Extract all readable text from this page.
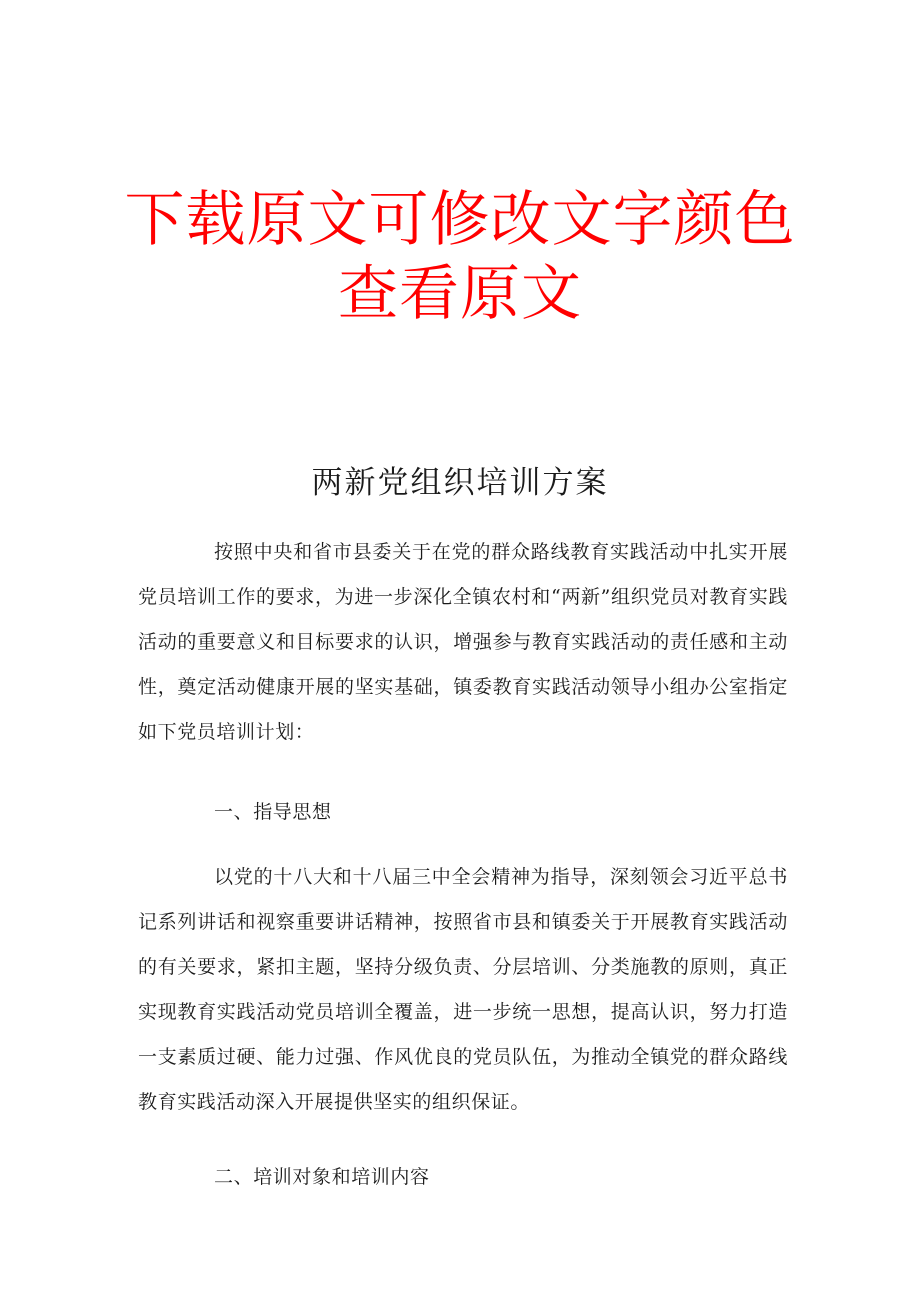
下载原文可修改文字颜色
查看原文
两新党组织培训方案

按照中央和省市县委关于在党的群众路线教育实践活动中扎实开展党员培训工作的要求，为进一步深化全镇农村和“两新”组织党员对教育实践活动的重要意义和目标要求的认识，增强参与教育实践活动的责任感和主动性，奠定活动健康开展的坚实基础，镇委教育实践活动领导小组办公室指定如下党员培训计划：

一、指导思想

以党的十八大和十八届三中全会精神为指导，深刻领会习近平总书记系列讲话和视察重要讲话精神，按照省市县和镇委关于开展教育实践活动的有关要求，紧扣主题，坚持分级负责、分层培训、分类施教的原则，真正实现教育实践活动党员培训全覆盖，进一步统一思想，提高认识，努力打造一支素质过硬、能力过强、作风优良的党员队伍，为推动全镇党的群众路线教育实践活动深入开展提供坚实的组织保证。

二、培训对象和培训内容
